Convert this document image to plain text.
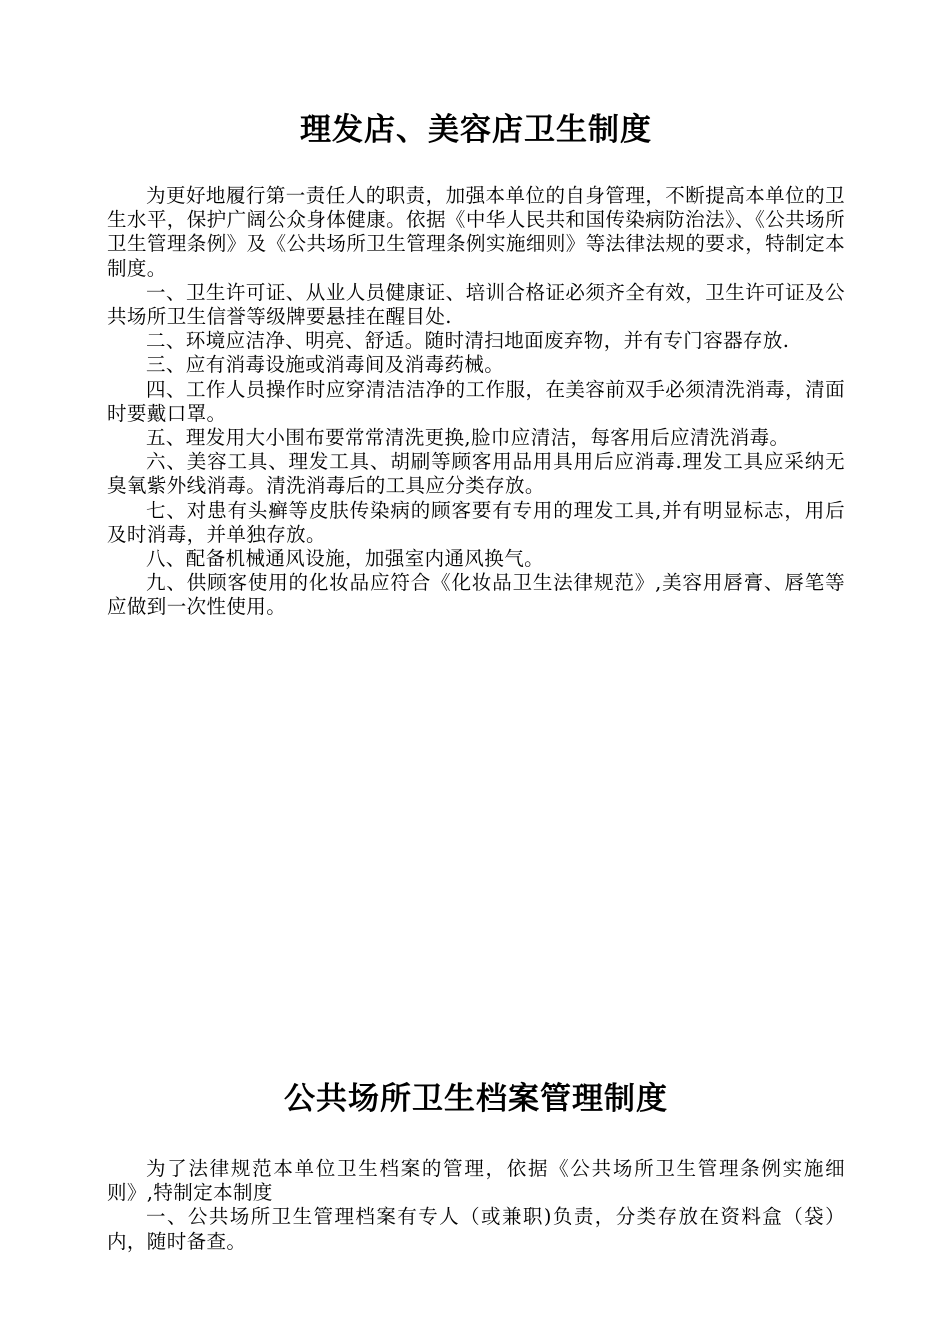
理发店、美容店卫生制度

为更好地履行第一责任人的职责，加强本单位的自身管理，不断提高本单位的卫生水平，保护广阔公众身体健康。依据《中华人民共和国传染病防治法》、《公共场所卫生管理条例》及《公共场所卫生管理条例实施细则》等法律法规的要求，特制定本制度。

一、卫生许可证、从业人员健康证、培训合格证必须齐全有效，卫生许可证及公共场所卫生信誉等级牌要悬挂在醒目处.

二、环境应洁净、明亮、舒适。随时清扫地面废弃物，并有专门容器存放.

三、应有消毒设施或消毒间及消毒药械。

四、工作人员操作时应穿清洁洁净的工作服，在美容前双手必须清洗消毒，清面时要戴口罩。

五、理发用大小围布要常常清洗更换,脸巾应清洁，每客用后应清洗消毒。

六、美容工具、理发工具、胡刷等顾客用品用具用后应消毒.理发工具应采纳无臭氧紫外线消毒。清洗消毒后的工具应分类存放。

七、对患有头癣等皮肤传染病的顾客要有专用的理发工具,并有明显标志，用后及时消毒，并单独存放。

八、配备机械通风设施，加强室内通风换气。

九、供顾客使用的化妆品应符合《化妆品卫生法律规范》,美容用唇膏、唇笔等应做到一次性使用。

公共场所卫生档案管理制度

为了法律规范本单位卫生档案的管理，依据《公共场所卫生管理条例实施细则》,特制定本制度

一、公共场所卫生管理档案有专人（或兼职)负责，分类存放在资料盒（袋）内，随时备查。
